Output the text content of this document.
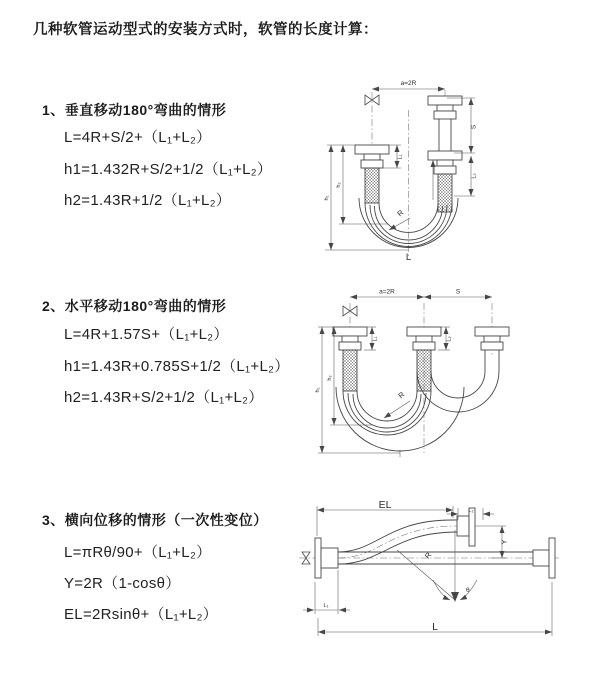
几种软管运动型式的安装方式时，软管的长度计算：
1、垂直移动180°弯曲的情形
L=4R+S/2+（L₁+L₂）
h1=1.432R+S/2+1/2（L₁+L₂）
h2=1.43R+1/2（L₁+L₂）
a=2R
S
L₂
L₁
h₁
h₂
R
L
2、水平移动180°弯曲的情形
L=4R+1.57S+（L₁+L₂）
h1=1.43R+0.785S+1/2（L₁+L₂）
h2=1.43R+S/2+1/2（L₁+L₂）
a=2R	S
L₁	L₂
h₁
h₂
R
3、横向位移的情形（一次性变位）
L=πRθ/90+（L₁+L₂）
Y=2R（1-cosθ）
EL=2Rsinθ+（L₁+L₂）
EL	L₂
Y
R
θ
L₁
L
